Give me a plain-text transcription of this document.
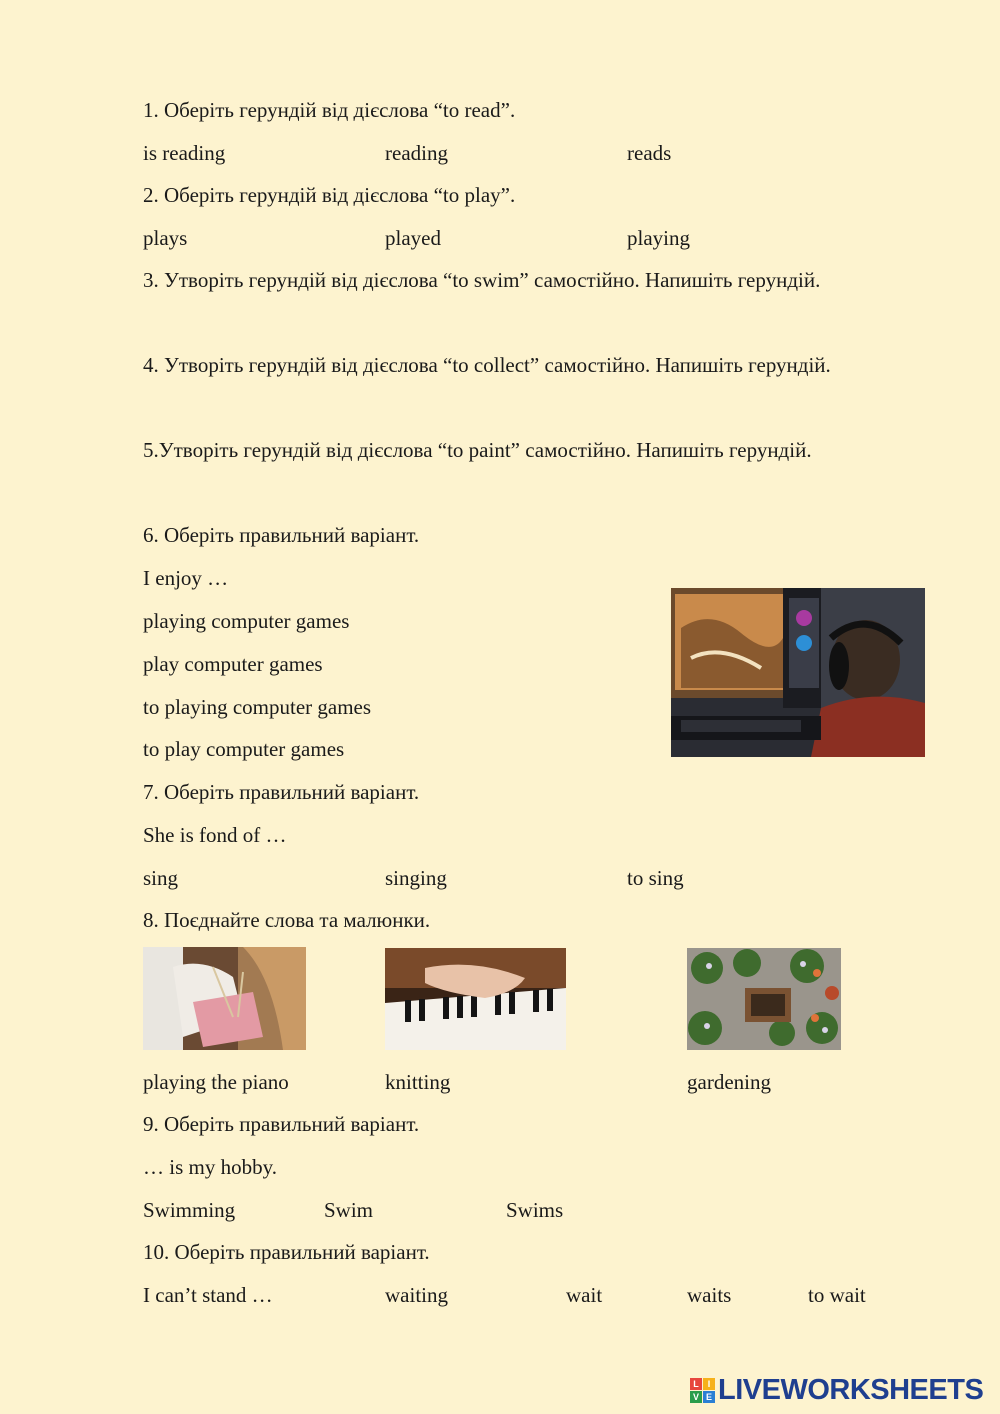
1. Оберіть герундій від дієслова “to read”.
is reading	reading	reads
2. Оберіть герундій від дієслова “to play”.
plays	played	playing
3. Утворіть герундій від дієслова “to swim” самостійно. Напишіть герундій.
4. Утворіть герундій від дієслова “to collect” самостійно. Напишіть герундій.
5.Утворіть герундій від дієслова “to paint” самостійно. Напишіть герундій.
6. Оберіть правильний варіант.
I enjoy …
playing computer games
play computer games
to playing computer games
to play computer games
7. Оберіть правильний варіант.
She is fond of …
sing	singing	to sing
8. Поєднайте слова та малюнки.
playing the piano	knitting	gardening
9. Оберіть правильний варіант.
… is my hobby.
Swimming	Swim	Swims
10. Оберіть правильний варіант.
I can’t stand …	waiting	wait	waits	to wait
L I
V E LIVEWORKSHEETS
